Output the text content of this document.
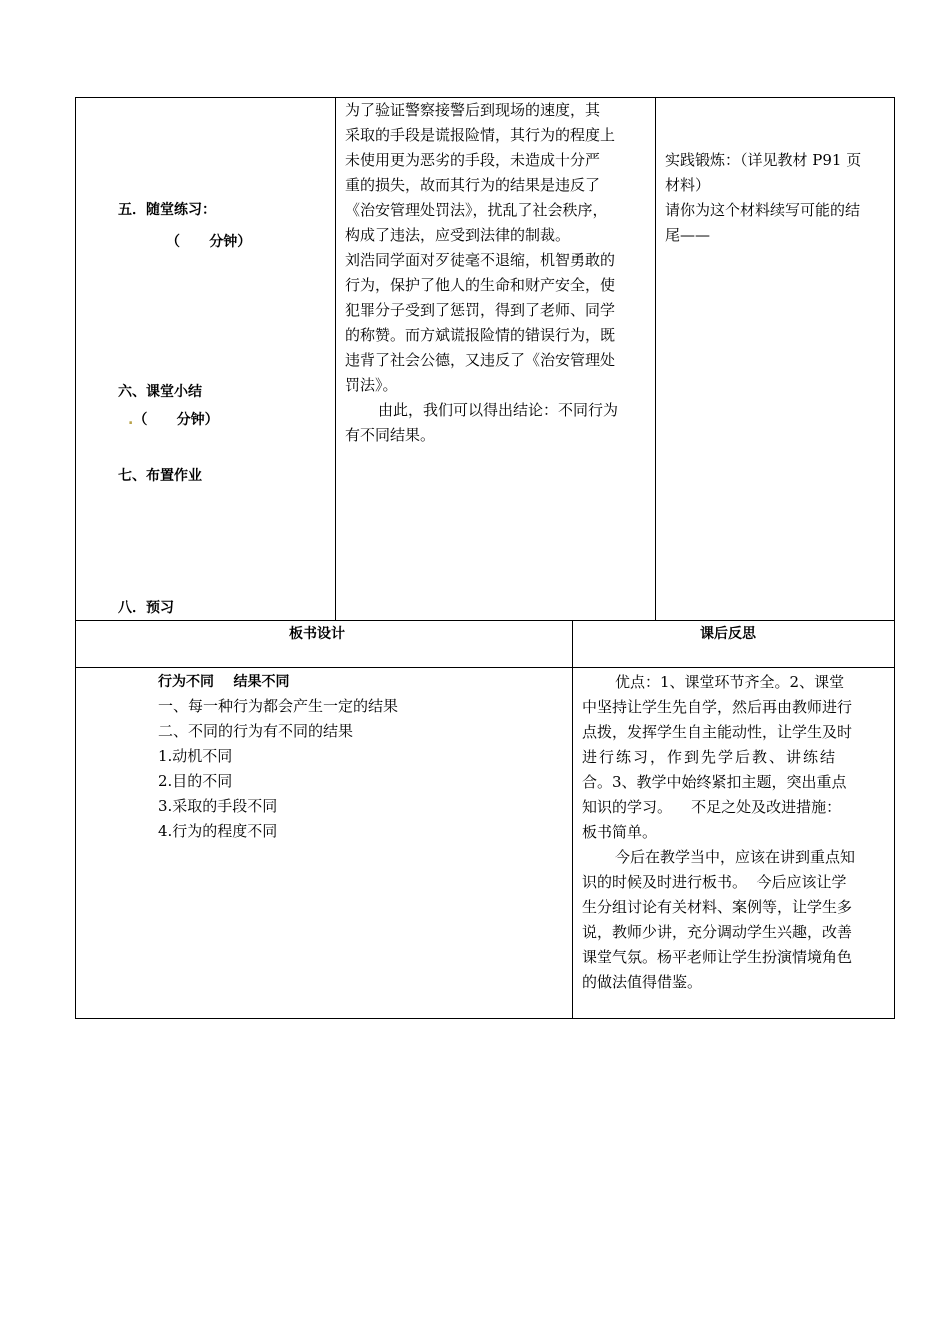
五．随堂练习：
（      分钟）
六、课堂小结
.（      分钟）
七、布置作业
八．预习
为了验证警察接警后到现场的速度，其
采取的手段是谎报险情，其行为的程度上
未使用更为恶劣的手段，未造成十分严
重的损失，故而其行为的结果是违反了
《治安管理处罚法》，扰乱了社会秩序，
构成了违法，应受到法律的制裁。
刘浩同学面对歹徒毫不退缩，机智勇敢的
行为，保护了他人的生命和财产安全，使
犯罪分子受到了惩罚，得到了老师、同学
的称赞。而方斌谎报险情的错误行为，既
违背了社会公德，又违反了《治安管理处
罚法》。
由此，我们可以得出结论：不同行为
有不同结果。
实践锻炼：（详见教材 P91 页
材料）
请你为这个材料续写可能的结
尾——
板书设计	课后反思
行为不同    结果不同
一、每一种行为都会产生一定的结果
二、不同的行为有不同的结果
1.动机不同
2.目的不同
3.采取的手段不同
4.行为的程度不同
优点：1、课堂环节齐全。2、课堂
中坚持让学生先自学，然后再由教师进行
点拨，发挥学生自主能动性，让学生及时
进行练习，作到先学后教、讲练结
合。3、教学中始终紧扣主题，突出重点
知识的学习。    不足之处及改进措施：
板书简单。
今后在教学当中，应该在讲到重点知
识的时候及时进行板书。  今后应该让学
生分组讨论有关材料、案例等，让学生多
说，教师少讲，充分调动学生兴趣，改善
课堂气氛。杨平老师让学生扮演情境角色
的做法值得借鉴。
